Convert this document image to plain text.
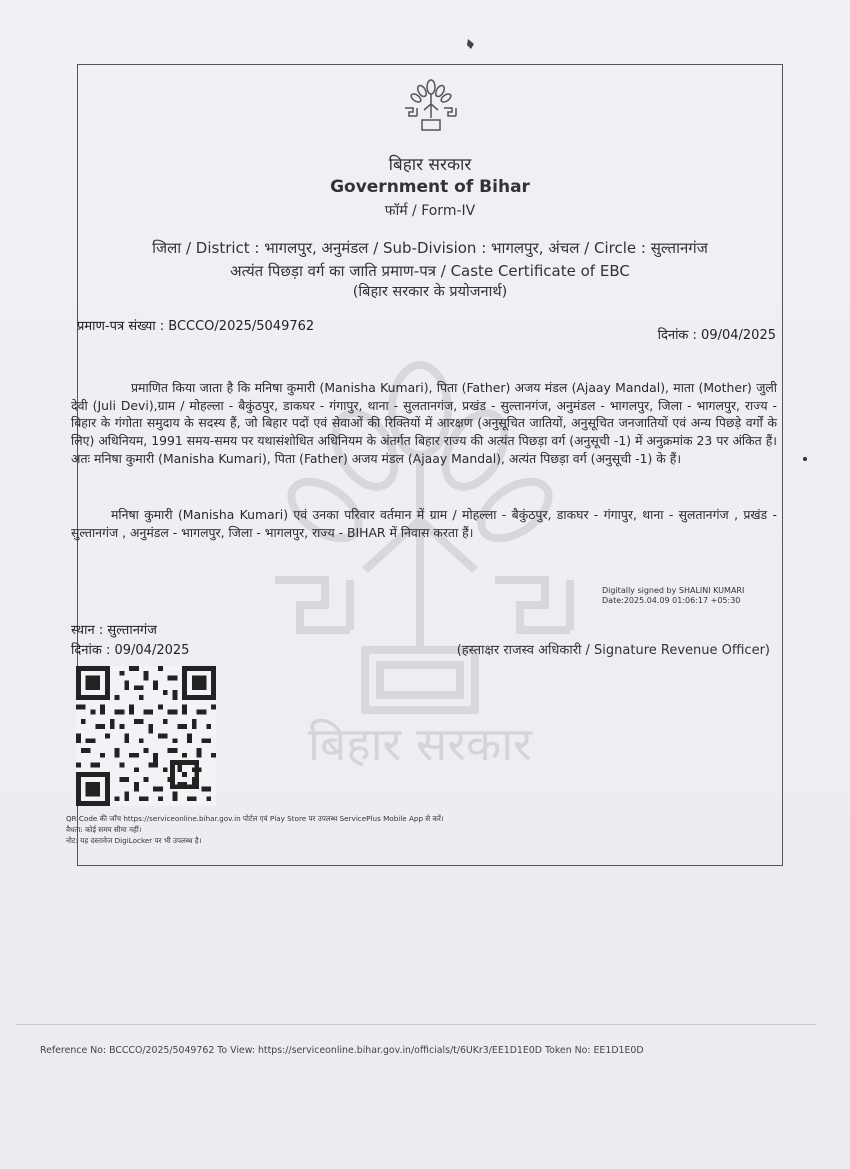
बिहार सरकार
बिहार सरकार
Government of Bihar
फॉर्म / Form-IV
जिला / District : भागलपुर, अनुमंडल / Sub-Division : भागलपुर, अंचल / Circle : सुल्तानगंज
अत्यंत पिछड़ा वर्ग का जाति प्रमाण-पत्र / Caste Certificate of EBC
(बिहार सरकार के प्रयोजनार्थ)
प्रमाण-पत्र संख्या : BCCCO/2025/5049762
दिनांक : 09/04/2025
प्रमाणित किया जाता है कि मनिषा कुमारी (Manisha Kumari), पिता (Father) अजय मंडल (Ajaay Mandal), माता (Mother) जुली देवी (Juli Devi),ग्राम / मोहल्ला - बैकुंठपुर, डाकघर - गंगापुर, थाना - सुलतानगंज, प्रखंड - सुल्तानगंज, अनुमंडल - भागलपुर, जिला - भागलपुर, राज्य - बिहार के गंगोता समुदाय के सदस्य हैं, जो बिहार पदों एवं सेवाओं की रिक्तियों में आरक्षण (अनुसूचित जातियों, अनुसूचित जनजातियों एवं अन्य पिछड़े वर्गों के लिए) अधिनियम, 1991 समय-समय पर यथासंशोधित अधिनियम के अंतर्गत बिहार राज्य की अत्यंत पिछड़ा वर्ग (अनुसूची -1) में अनुक्रमांक 23 पर अंकित हैं। अतः मनिषा कुमारी (Manisha Kumari), पिता (Father) अजय मंडल (Ajaay Mandal), अत्यंत पिछड़ा वर्ग (अनुसूची -1) के हैं।
मनिषा कुमारी (Manisha Kumari) एवं उनका परिवार वर्तमान में ग्राम / मोहल्ला - बैकुंठपुर, डाकघर - गंगापुर, थाना - सुलतानगंज , प्रखंड - सुल्तानगंज , अनुमंडल - भागलपुर, जिला - भागलपुर, राज्य - BIHAR में निवास करता हैं।
Digitally signed by SHALINI KUMARI
Date:2025.04.09 01:06:17 +05:30
स्थान : सुल्तानगंज
दिनांक : 09/04/2025	(हस्ताक्षर राजस्व अधिकारी / Signature Revenue Officer)
QR Code की जाँच https://serviceonline.bihar.gov.in पोर्टल एवं Play Store पर उपलब्ध ServicePlus Mobile App से करें।
वैधता: कोई समय सीमा नहीं।
नोट: यह दस्तावेज DigiLocker पर भी उपलब्ध है।
Reference No: BCCCO/2025/5049762 To View: https://serviceonline.bihar.gov.in/officials/t/6UKr3/EE1D1E0D Token No: EE1D1E0D
